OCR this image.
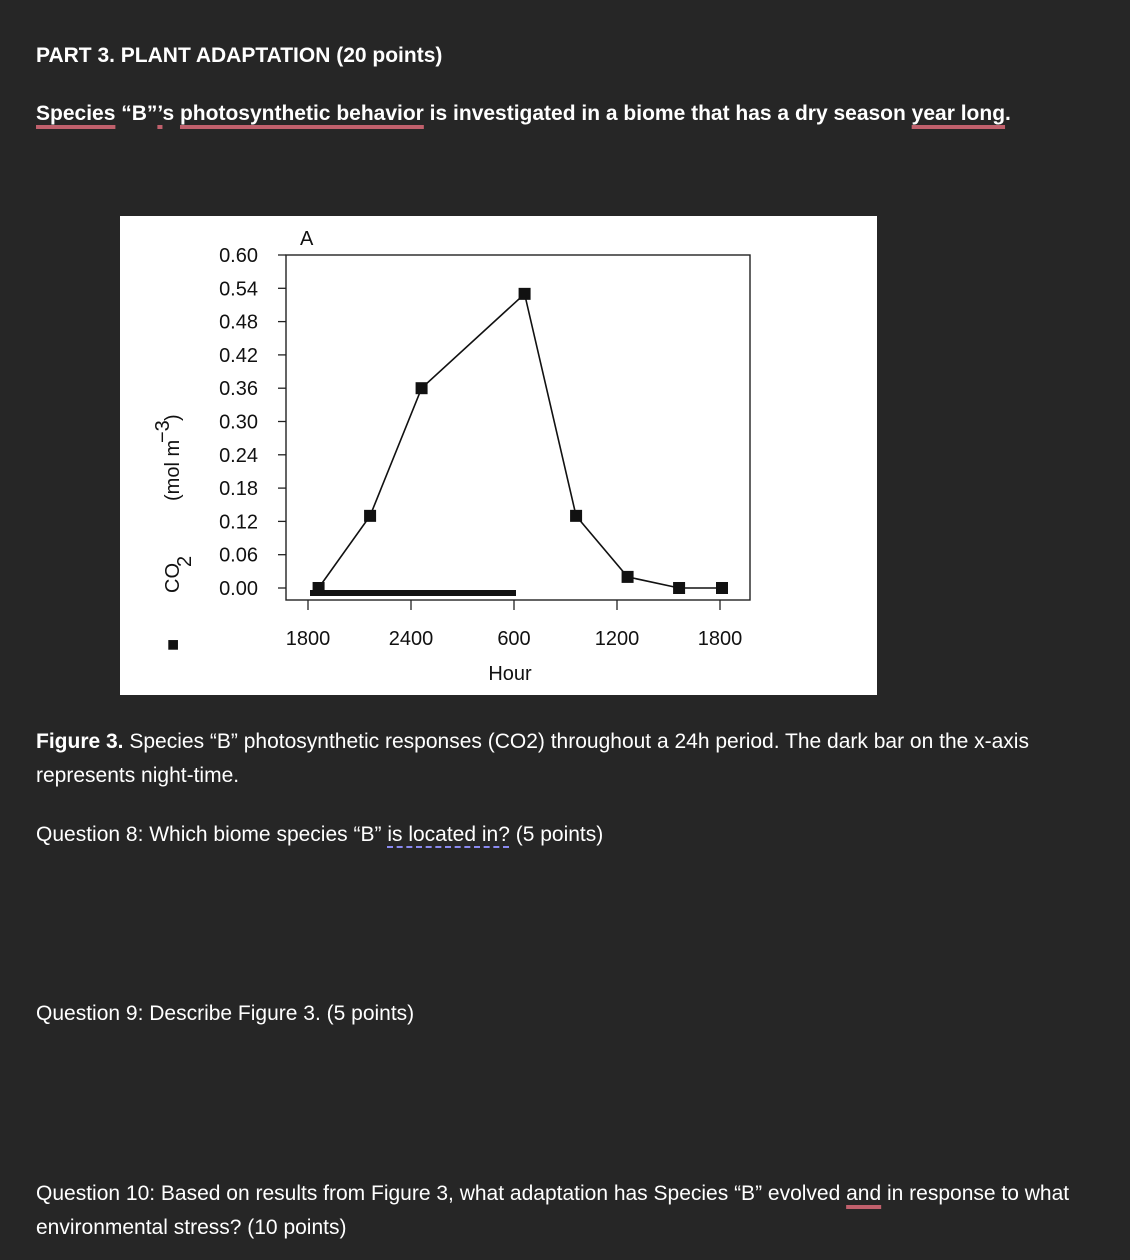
PART 3. PLANT ADAPTATION (20 points)
Species “B”’s photosynthetic behavior is investigated in a biome that has a dry season year long.
■
CO
2
(mol m
−3
)
A
Hour
0.60
0.54
0.48
0.42
0.36
0.30
0.24
0.18
0.12
0.06
0.00
1800	2400	600	1200	1800
Figure 3. Species “B” photosynthetic responses (CO2) throughout a 24h period. The dark bar on the x-axis represents night-time.
Question 8: Which biome species “B” is located in? (5 points)
Question 9: Describe Figure 3. (5 points)
Question 10: Based on results from Figure 3, what adaptation has Species “B” evolved and in response to what environmental stress? (10 points)
